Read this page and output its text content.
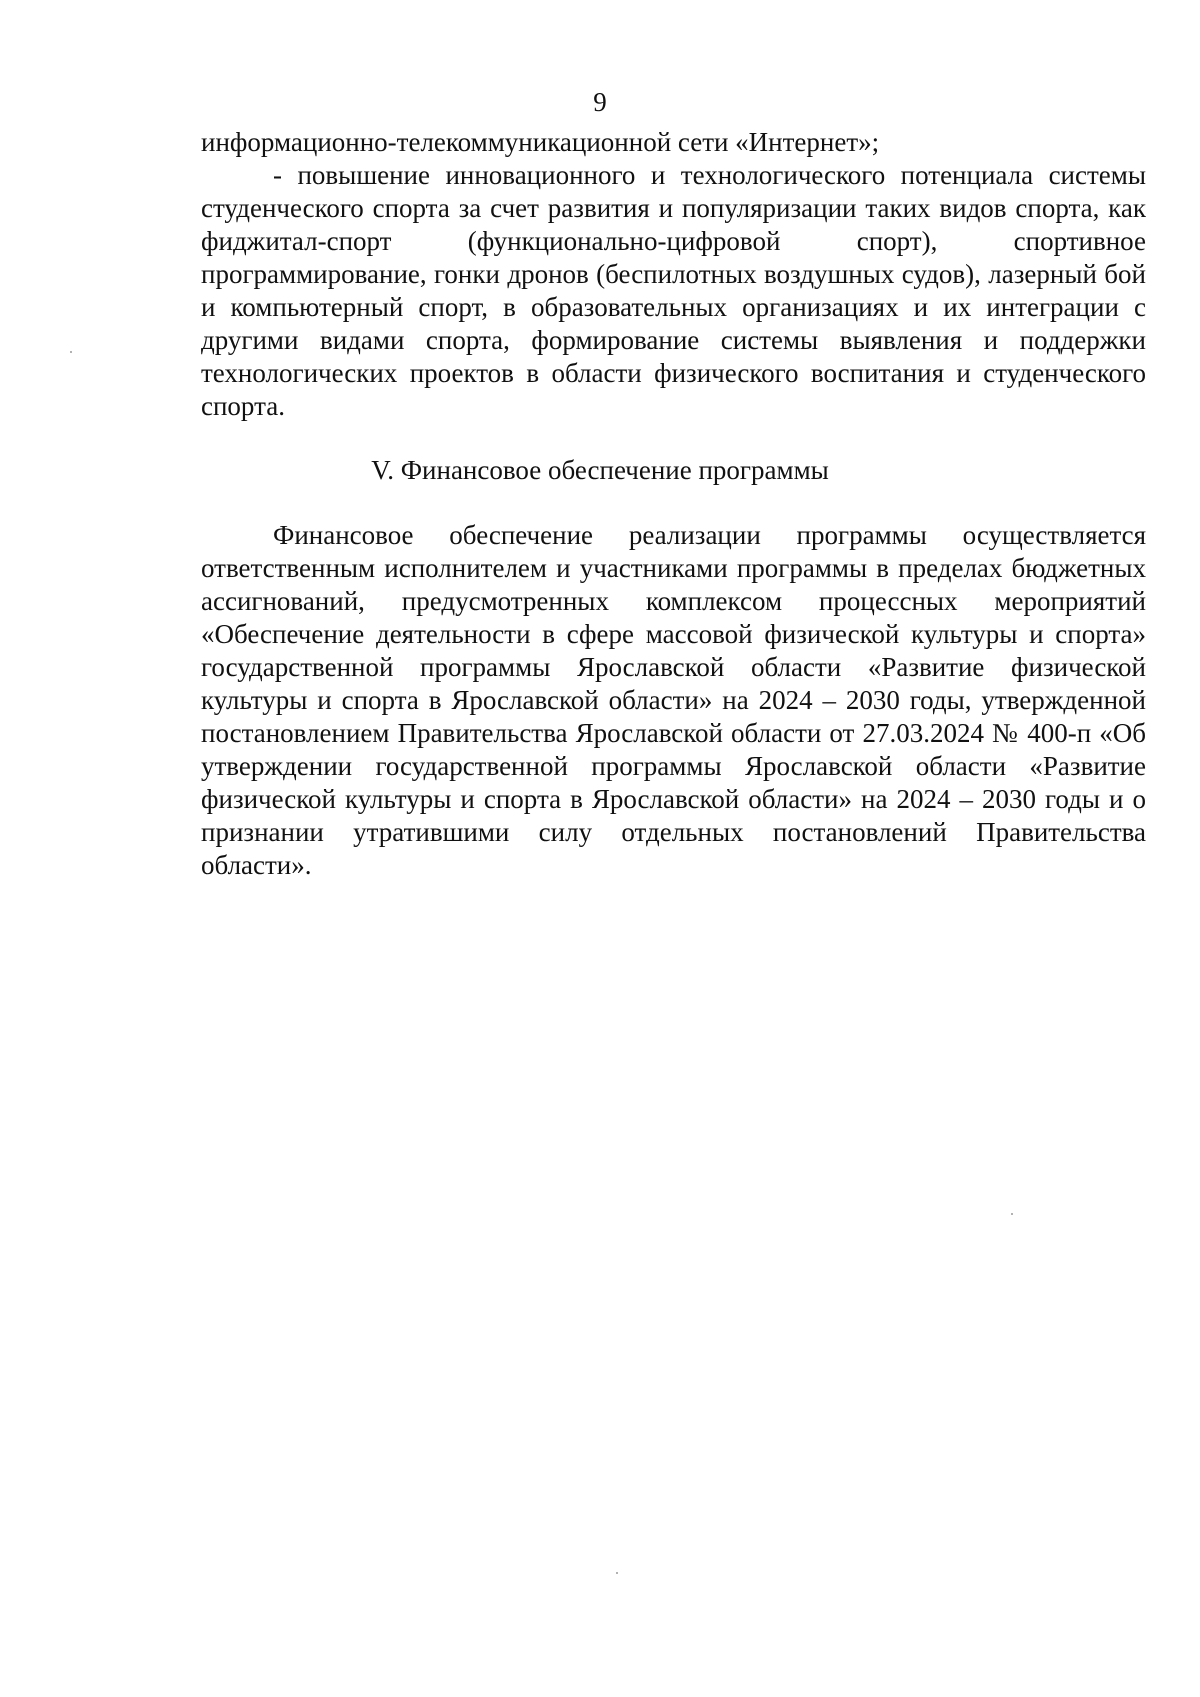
9

информационно-телекоммуникационной сети «Интернет»;

- повышение инновационного и технологического потенциала системы студенческого спорта за счет развития и популяризации таких видов спорта, как фиджитал-спорт (функционально-цифровой спорт), спортивное программирование, гонки дронов (беспилотных воздушных судов), лазерный бой и компьютерный спорт, в образовательных организациях и их интеграции с другими видами спорта, формирование системы выявления и поддержки технологических проектов в области физического воспитания и студенческого спорта.

V. Финансовое обеспечение программы

Финансовое обеспечение реализации программы осуществляется ответственным исполнителем и участниками программы в пределах бюджетных ассигнований, предусмотренных комплексом процессных мероприятий «Обеспечение деятельности в сфере массовой физической культуры и спорта» государственной программы Ярославской области «Развитие физической культуры и спорта в Ярославской области» на 2024 – 2030 годы, утвержденной постановлением Правительства Ярославской области от 27.03.2024 № 400-п «Об утверждении государственной программы Ярославской области «Развитие физической культуры и спорта в Ярославской области» на 2024 – 2030 годы и о признании утратившими силу отдельных постановлений Правительства области».
